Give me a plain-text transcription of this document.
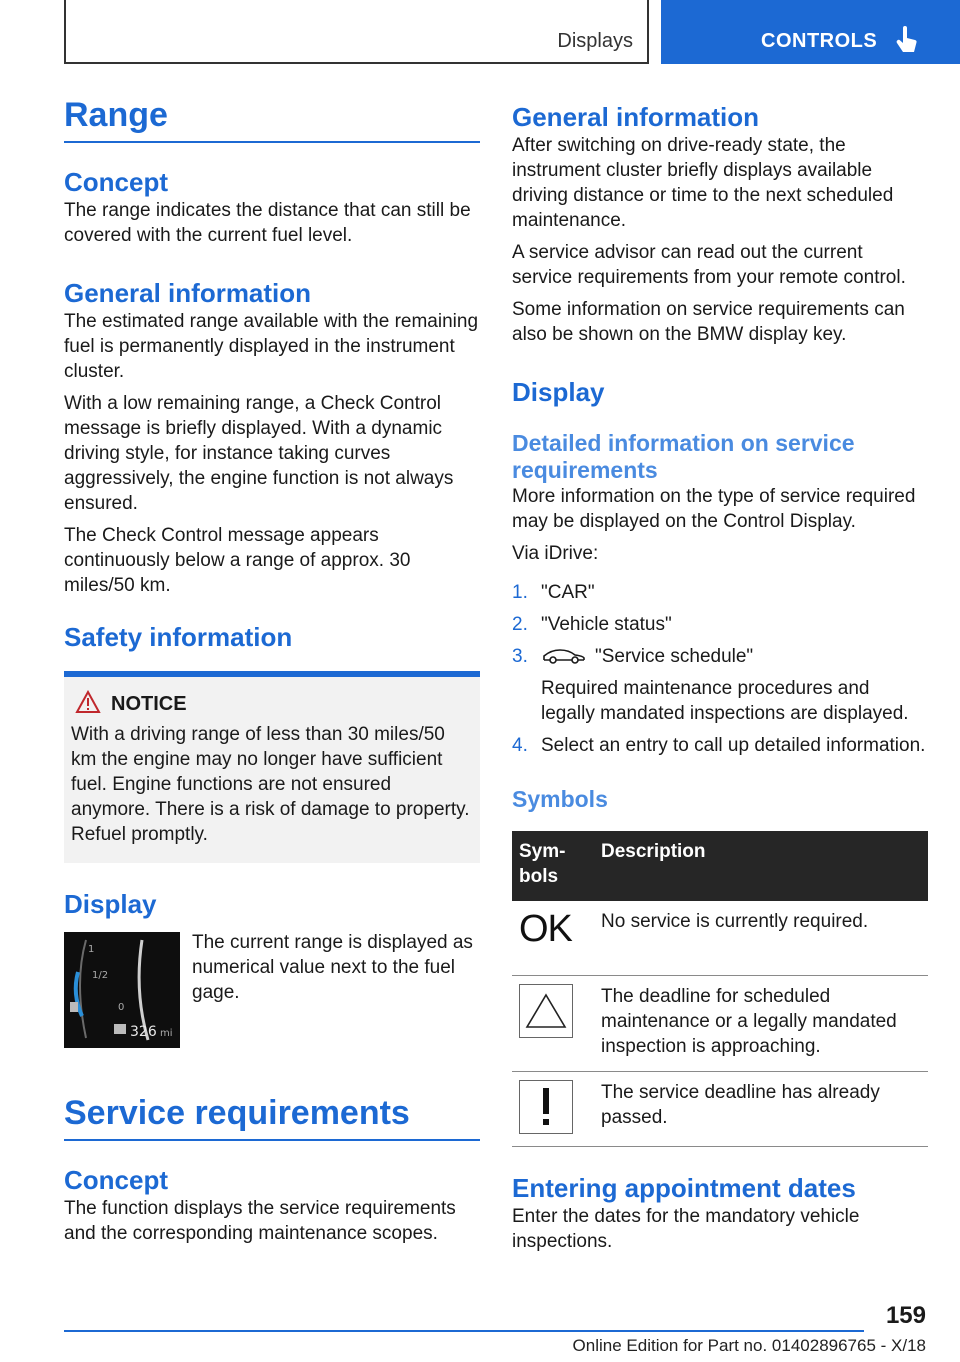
Displays	CONTROLS
Range
Concept

The range indicates the distance that can still be covered with the current fuel level.

General information

The estimated range available with the remaining fuel is permanently displayed in the instrument cluster.

With a low remaining range, a Check Control message is briefly displayed. With a dynamic driving style, for instance taking curves aggressively, the engine function is not always ensured.

The Check Control message appears continuously below a range of approx. 30 miles/50 km.

Safety information
NOTICE

With a driving range of less than 30 miles/50 km the engine may no longer have sufficient fuel. Engine functions are not ensured anymore. There is a risk of damage to property. Refuel promptly.

Display
1
1/2
0
326 mi

The current range is displayed as numerical value next to the fuel gage.

Service requirements
Concept

The function displays the service requirements and the corresponding maintenance scopes.

General information

After switching on drive-ready state, the instrument cluster briefly displays available driving distance or time to the next scheduled maintenance.

A service advisor can read out the current service requirements from your remote control.

Some information on service requirements can also be shown on the BMW display key.

Display
Detailed information on service requirements

More information on the type of service required may be displayed on the Control Display.

Via iDrive:

1. "CAR"
2. "Vehicle status"
3.	"Service schedule"
Required maintenance procedures and legally mandated inspections are displayed.
4. Select an entry to call up detailed information.
Symbols
Sym-bols	Description
OK	No service is currently required.

	The deadline for scheduled maintenance or a legally mandated inspection is approaching.

	The service deadline has already passed.
Entering appointment dates

Enter the dates for the mandatory vehicle inspections.

159
Online Edition for Part no. 01402896765 - X/18
